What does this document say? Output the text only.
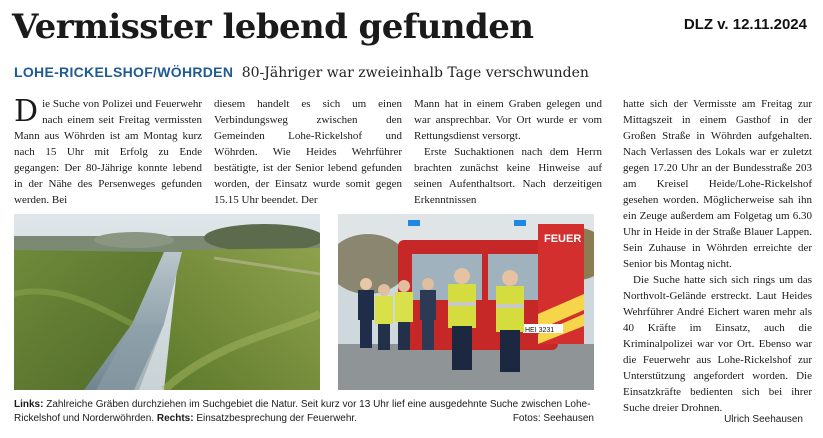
Vermisster lebend gefunden	DLZ v. 12.11.2024
LOHE-RICKELSHOF/WÖHRDEN 80-Jähriger war zweieinhalb Tage verschwunden

Die Suche von Polizei und Feuerwehr nach einem seit Freitag vermissten Mann aus Wöhrden ist am Montag kurz nach 15 Uhr mit Erfolg zu Ende gegangen: Der 80-Jährige konnte lebend in der Nähe des Persenweges gefunden werden. Bei

diesem handelt es sich um einen Verbindungsweg zwischen den Gemeinden Lohe-Rickelshof und Wöhrden. Wie Heides Wehrführer bestätigte, ist der Senior lebend gefunden worden, der Einsatz wurde somit gegen 15.15 Uhr beendet. Der

Mann hat in einem Graben gelegen und war ansprechbar. Vor Ort wurde er vom Rettungsdienst versorgt.

Erste Suchaktionen nach dem Herrn brachten zunächst keine Hinweise auf seinen Aufenthaltsort. Nach derzeitigen Erkenntnissen

hatte sich der Vermisste am Freitag zur Mittagszeit in einem Gasthof in der Großen Straße in Wöhrden aufgehalten. Nach Verlassen des Lokals war er zuletzt gegen 17.20 Uhr an der Bundesstraße 203 am Kreisel Heide/Lohe-Rickelshof gesehen worden. Möglicherweise sah ihn ein Zeuge außerdem am Folgetag um 6.30 Uhr in Heide in der Straße Blauer Lappen. Sein Zuhause in Wöhrden erreichte der Senior bis Montag nicht.

Die Suche hatte sich sich rings um das Northvolt-Gelände erstreckt. Laut Heides Wehrführer André Eichert waren mehr als 40 Kräfte im Einsatz, auch die Kriminalpolizei war vor Ort. Ebenso war die Feuerwehr aus Lohe-Rickelshof zur Unterstützung angefordert worden. Die Einsatzkräfte bedienten sich bei ihrer Suche dreier Drohnen.

Ulrich Seehausen
FEUER
HEI 3231
Links: Zahlreiche Gräben durchziehen im Suchgebiet die Natur. Seit kurz vor 13 Uhr lief eine ausgedehnte Suche zwischen Lohe-Rickelshof und Norderwöhrden. Rechts: Einsatzbesprechung der Feuerwehr.	Fotos: Seehausen
